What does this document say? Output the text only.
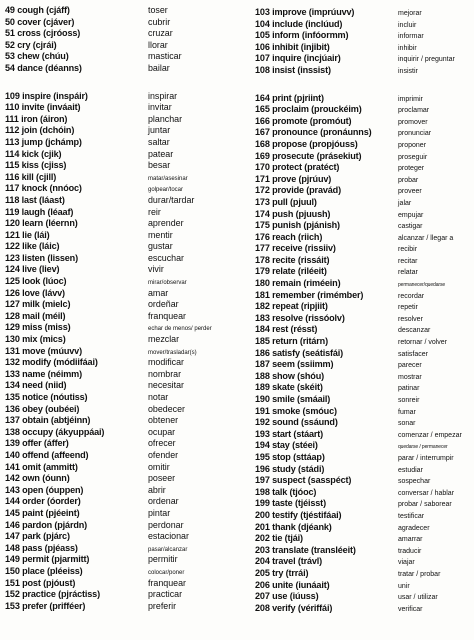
49 cough (cjáff)	toser
50 cover (cjáver)	cubrir
51 cross (cjróoss)	cruzar
52 cry (cjrái)	llorar
53 chew (chúu)	masticar
54 dance (déanns)	bailar
109 inspire (inspáir)	inspirar
110 invite (inváait)	invitar
111 iron (áiron)	planchar
112 join (dchóin)	juntar
113 jump (jchámp)	saltar
114 kick (cjik)	patear
115 kiss (cjiss)	besar
116 kill (cjill)	matar/asesinar
117 knock (nnóoc)	golpear/tocar
118 last (láast)	durar/tardar
119 laugh (léaaf)	reir
120 learn (léernn)	aprender
121 lie (lái)	mentir
122 like (láic)	gustar
123 listen (lissen)	escuchar
124 live (liev)	vivir
125 look (lúoc)	mirar/observar
126 love (lávv)	amar
127 milk (mielc)	ordeñar
128 mail (méil)	franquear
129 miss (miss)	echar de menos/ perder
130 mix (mics)	mezclar
131 move (múuvv)	mover/trasladar(s)
132 modify (módiifáai)	modificar
133 name (néimm)	nombrar
134 need (niid)	necesitar
135 notice (nóutiss)	notar
136 obey (oubéei)	obedecer
137 obtain (abtjéinn)	obtener
138 occupy (ákyuppáai)	ocupar
139 offer (áffer)	ofrecer
140 offend (affeend)	ofender
141 omit (ammitt)	omitir
142 own (óunn)	poseer
143 open (óuppen)	abrir
144 order (óorder)	ordenar
145 paint (pjéeint)	pintar
146 pardon (pjárdn)	perdonar
147 park (pjárc)	estacionar
148 pass (pjéass)	pasar/alcanzar
149 permit (pjarmitt)	permitir
150 place (pléeiss)	colocar/poner
151 post (pjóust)	franquear
152 practice (pjráctiss)	practicar
153 prefer (prifféer)	preferir
103 improve (imprúuvv)	mejorar
104 include (inclúud)	incluir
105 inform (infóormm)	informar
106 inhibit (injibit)	inhibir
107 inquire (incjúair)	inquirir / preguntar
108 insist (inssist)	insistir
164 print (pjriint)	imprimir
165 proclaim (prouckéim)	proclamar
166 promote (promóut)	promover
167 pronounce (pronáunns)	pronunciar
168 propose (propjóuss)	proponer
169 prosecute (prásekiut)	proseguir
170 protect (pratéct)	proteger
171 prove (pjrúuv)	probar
172 provide (pravád)	proveer
173 pull (pjuul)	jalar
174 push (pjuush)	empujar
175 punish (pjánish)	castigar
176 reach (riich)	alcanzar / llegar a
177 receive (rissiiv)	recibir
178 recite (rissáit)	recitar
179 relate (riléeit)	relatar
180 remain (riméein)	permanecer/quedarse
181 remember (rimémber)	recordar
182 repeat (ripjiit)	repetir
183 resolve (rissóolv)	resolver
184 rest (résst)	descanzar
185 return (ritárn)	retornar / volver
186 satisfy (seátisfái)	satisfacer
187 seem (ssiimm)	parecer
188 show (shóu)	mostrar
189 skate (skéit)	patinar
190 smile (smáail)	sonreir
191 smoke (smóuc)	fumar
192 sound (ssáund)	sonar
193 start (stáart)	comenzar / empezar
194 stay (stéei)	quedarse / permanecer
195 stop (sttáap)	parar / interrumpir
196 study (stádi)	estudiar
197 suspect (sasspéct)	sospechar
198 talk (tjóoc)	conversar / hablar
199 taste (tjéisst)	probar / saborear
200 testify (tjéstifáai)	testificar
201 thank (djéank)	agradecer
202 tie (tjái)	amarrar
203 translate (transléeit)	traducir
204 travel (trávl)	viajar
205 try (trrái)	tratar / probar
206 unite (iunáait)	unir
207 use (iúuss)	usar / utilizar
208 verify (vériffái)	verificar
